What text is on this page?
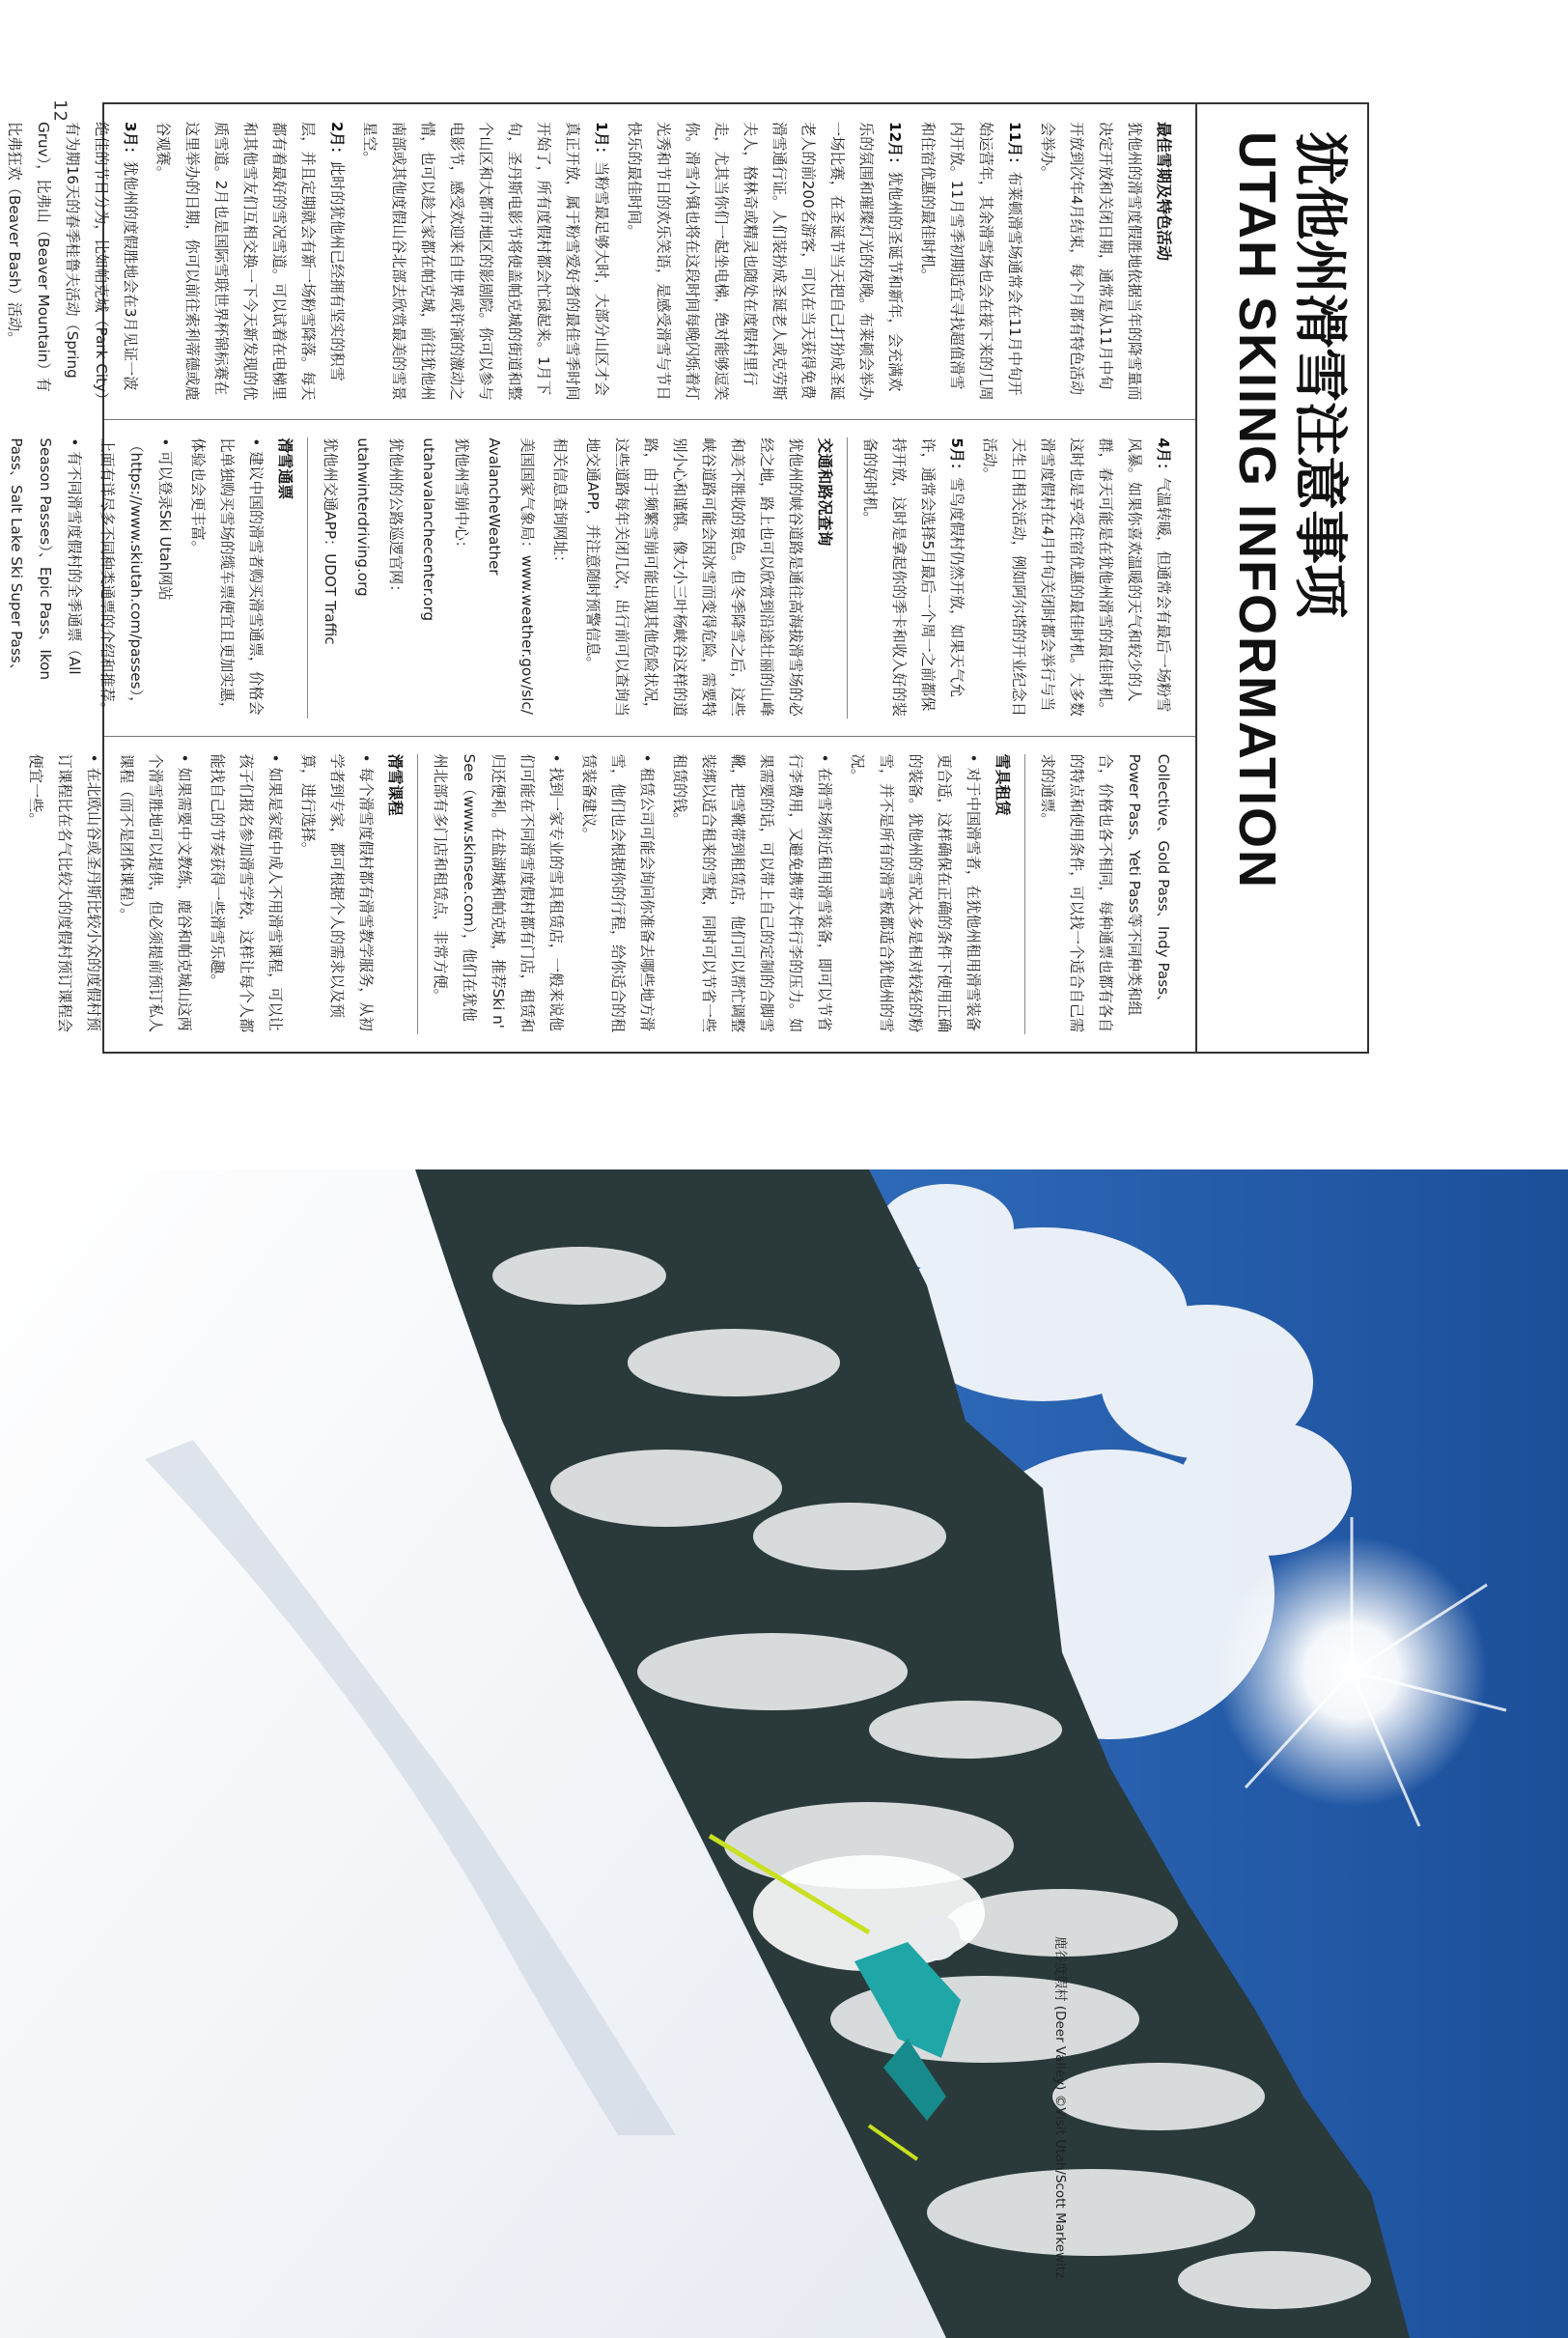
12
犹他州滑雪注意事项
UTAH SKIING INFORMATION
最佳雪期及特色活动

犹他州的滑雪度假胜地依据当年的降雪量而决定开放和关闭日期，通常是从11月中旬开放到次年4月结束，每个月都有特色活动会举办。

11月：布莱顿滑雪场通常会在11月中旬开始运营年，其余滑雪场也会在接下来的几周内开放。11月雪季初期适宜寻找超值滑雪和住宿优惠的最佳时机。

12月：犹他州的圣诞节和新年，会充满欢乐的氛围和璀璨灯光的夜晚。布莱顿会举办一场比赛，在圣诞节当天把自己打扮成圣诞老人的前200名游客，可以在当天获得免费滑雪通行证。人们装扮成圣诞老人或克劳斯夫人，格林奇或精灵也随处在度假村里行走，尤其当你们一起坐电梯，绝对能够逗笑你。滑雪小镇也将在这段时间每晚闪烁着灯光秀和节日的欢乐笑语，是感受滑雪与节日快乐的最佳时间。

1月：当粉雪最足够大时，大部分山区才会真正开放，属于粉雪爱好者的最佳雪季时间开始了，所有度假村都会忙碌起来。1月下旬，圣丹斯电影节将使盖帕克城的街道和整个山区和大都市地区的影剧院。你可以参与电影节，感受欢迎来自世界或许演的激动之情，也可以趁大家都在帕克城，前往犹他州南部或其他度假山谷北部去欣赏最美的雪景星空。

2月：此时的犹他州已经拥有坚实的积雪层，并且定期就会有新一场粉雪降落。每天都有着最好的雪况雪道。可以试着在电梯里和其他雪友们互相交换一下今天新发现的优质雪道。2月也是国际雪联世界杯锦标赛在这里举办的日期，你可以前往索利蒂德或鹿谷观赛。

3月：犹他州的度假胜地会在3月见证一波绝佳的节日分为，比如帕克城（Park City）有为期16天的春季桂鲁夫活动（Spring Gruv），比弗山（Beaver Mountain）有比弗狂欢（Beaver Bash）活动。

4月：气温转暖，但通常会有最后一场粉雪风暴。如果你喜欢温暖的天气和较少的人群，春天可能是在犹他州滑雪的最佳时机。这时也是享受住宿优惠的最佳时机。大多数滑雪度假村在4月中旬关闭时都会举行与当天生日相关活动，例如阿尔塔的开业纪念日活动。

5月：雪鸟度假村仍然开放，如果天气允许，通常会选择5月最后一个周一之前都保持开放，这时是拿起你的季卡和收入好的装备的好时机。

交通和路况查询

犹他州的峡谷道路是通往高海拔滑雪场的必经之地，路上也可以欣赏到沿途壮丽的山峰和美不胜收的景色。但冬季降雪之后，这些峡谷道路可能会因冰雪而变得危险，需要特别小心和谨慎。像大小三叶杨峡谷这样的道路，由于频繁雪崩可能出现其他危险状况，这些道路每年关闭几次，出行前可以查询当地交通APP，并注意随时预警信息。

相关信息查询网址：

美国国家气象局：www.weather.gov/slc/

AvalancheWeather

犹他州雪崩中心：

utahavalanchecenter.org

犹他州的公路巡逻官网：

utahwinterdriving.org

犹他州交通APP：UDOT Traffic

滑雪通票
• 建议中国的滑雪者购买滑雪通票，价格会比单独购买雪场的缆车票便宜且更加实惠，体验也会更丰富。
• 可以登录Ski Utah网站（https://www.skiutah.com/passes），上面有详尽多不同种类通票的介绍和推荐。
• 有不同滑雪度假村的全季通票（All Season Passes）、Epic Pass、Ikon Pass、Salt Lake Ski Super Pass、

Collective、Gold Pass、Indy Pass、Power Pass、Yeti Pass等不同种类和组合，价格也各不相同，每种通票也都有各自的特点和使用条件，可以找一个适合自己需求的通票。

雪具租赁
• 对于中国滑雪者，在犹他州租用滑雪装备更合适，这样确保在正确的条件下使用正确的装备。犹他州的雪况太多是相对较轻的粉雪，并不是所有的滑雪板都适合犹他州的雪况。
• 在滑雪场附近租用滑雪装备，即可以节省行李费用，又避免携带大件行李的压力。如果需要的话，可以带上自己的定制的合脚雪靴，把雪靴带到租赁店，他们可以帮忙调整装绑以适合租来的雪板，同时可以节省一些租赁的钱。
• 租赁公司可能会询问你准备去哪些地方滑雪，他们也会根据你的行程，给你适合的租赁装备建议。
• 找到一家专业的雪具租赁店，一般来说他们可能在不同滑雪度假村都有门店，租赁和归还便利。在盐湖城和帕克城，推荐Ski n' See（www.skinsee.com），他们在犹他州北部有多门店和租赁点，非常方便。
滑雪课程
• 每个滑雪度假村都有滑雪教学服务，从初学者到专家，都可根据个人的需求以及预算，进行选择。
• 如果是家庭中成人不用滑雪课程，可以让孩子们报名参加滑雪学校，这样让每个人都能找自己的节奏获得一些滑雪乐趣。
• 如果需要中文教练，鹿谷和帕克城山这两个滑雪胜地可以提供，但必须提前预订私人课程（而不是团体课程）。
• 在北欧山谷或圣丹斯比较小众的度假村预订课程比在名气比较大的度假村预订课程会便宜一些。
鹿谷度假村 (Deer Valley) ©Visit Utah/Scott Markewitz
